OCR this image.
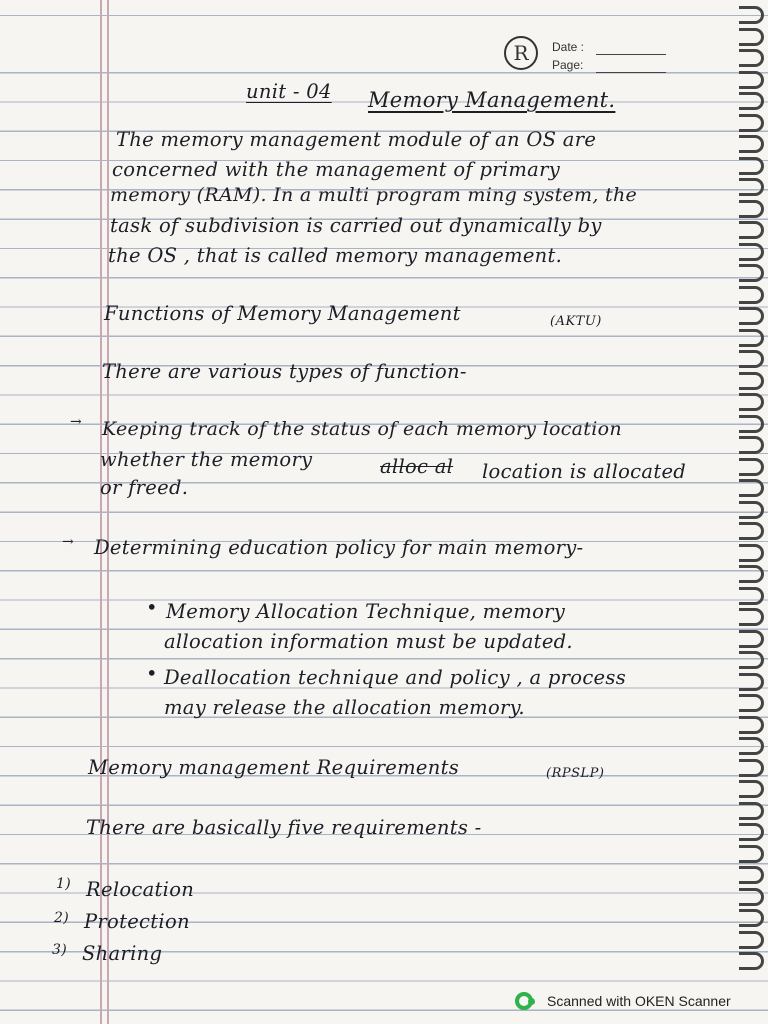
R	Date :
Page:
unit - 04 Memory Management.
The memory management module of an OS are
concerned with the management of primary
memory (RAM). In a multi program ming system, the
task of subdivision is carried out dynamically by
the OS , that is called memory management.
Functions of Memory Management	(AKTU)
There are various types of function-
→ Keeping track of the status of each memory location
whether the memory	alloc al location is allocated
or freed.
→ Determining education policy for main memory-
• Memory Allocation Technique, memory
allocation information must be updated.
• Deallocation technique and policy , a process
may release the allocation memory.
Memory management Requirements	(RPSLP)
There are basically five requirements -
1) Relocation
2) Protection
3) Sharing
Scanned with OKEN Scanner
